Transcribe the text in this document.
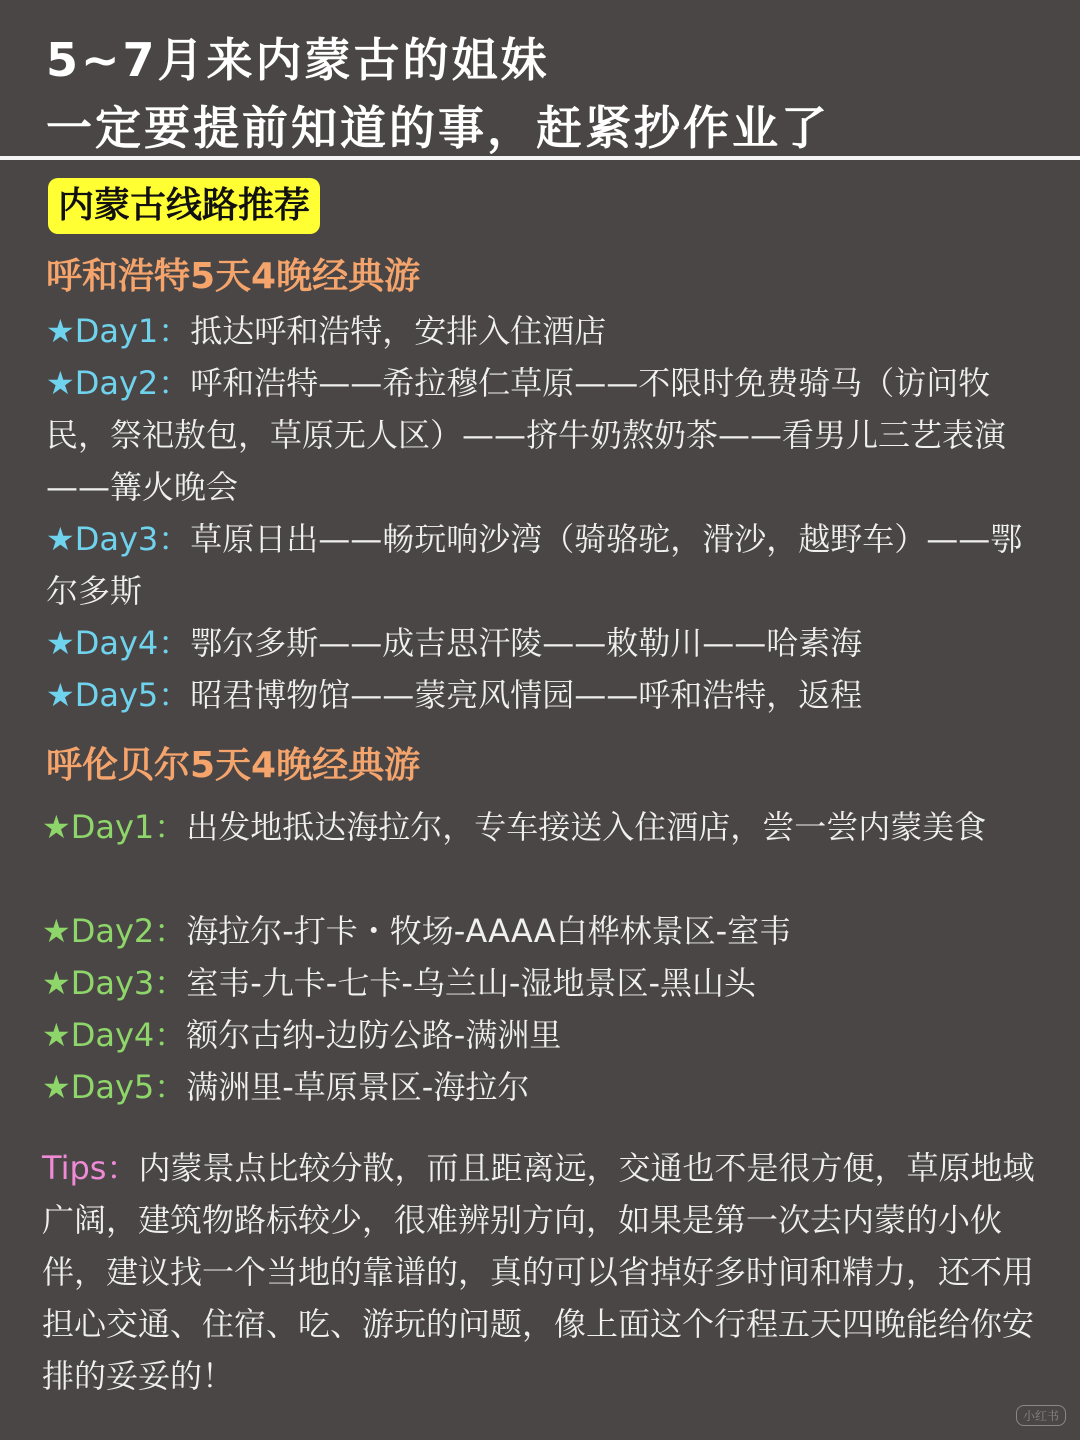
5~7月来内蒙古的姐妹
一定要提前知道的事，赶紧抄作业了
内蒙古线路推荐
呼和浩特5天4晚经典游
★Day1：抵达呼和浩特，安排入住酒店
★Day2：呼和浩特——希拉穆仁草原——不限时免费骑马（访问牧民，祭祀敖包，草原无人区）——挤牛奶熬奶茶——看男儿三艺表演——篝火晚会
★Day3：草原日出——畅玩响沙湾（骑骆驼，滑沙，越野车）——鄂尔多斯
★Day4：鄂尔多斯——成吉思汗陵——敕勒川——哈素海
★Day5：昭君博物馆——蒙亮风情园——呼和浩特，返程
呼伦贝尔5天4晚经典游
★Day1：出发地抵达海拉尔，专车接送入住酒店，尝一尝内蒙美食
★Day2：海拉尔-打卡・牧场-AAAA白桦林景区-室韦
★Day3：室韦-九卡-七卡-乌兰山-湿地景区-黑山头
★Day4：额尔古纳-边防公路-满洲里
★Day5：满洲里-草原景区-海拉尔
Tips：内蒙景点比较分散，而且距离远，交通也不是很方便，草原地域广阔，建筑物路标较少，很难辨别方向，如果是第一次去内蒙的小伙伴，建议找一个当地的靠谱的，真的可以省掉好多时间和精力，还不用担心交通、住宿、吃、游玩的问题，像上面这个行程五天四晚能给你安排的妥妥的！
小红书
